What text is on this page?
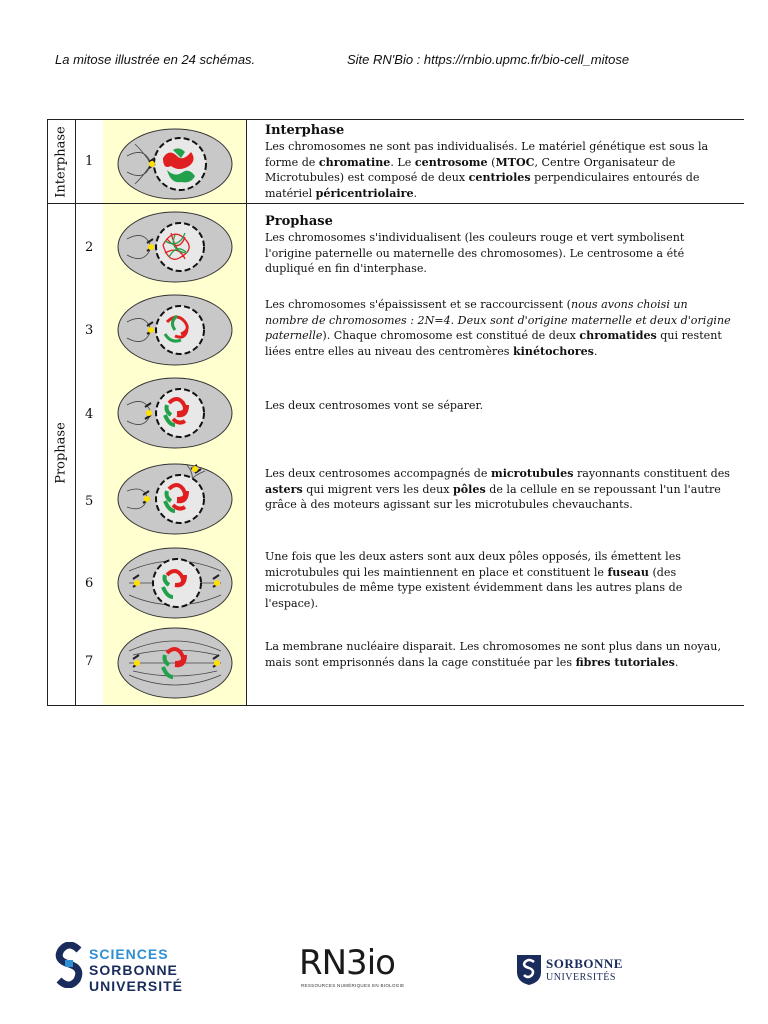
La mitose illustrée en 24 schémas.	Site RN'Bio : https://rnbio.upmc.fr/bio-cell_mitose
Interphase
Prophase
1
2
3
4
5
6
7
Interphase
Les chromosomes ne sont pas individualisés. Le matériel génétique est sous la forme de chromatine. Le centrosome (MTOC, Centre Organisateur de Microtubules) est composé de deux centrioles perpendiculaires entourés de matériel péricentriolaire.
Prophase
Les chromosomes s'individualisent (les couleurs rouge et vert symbolisent l'origine paternelle ou maternelle des chromosomes). Le centrosome a été dupliqué en fin d'interphase.
Les chromosomes s'épaississent et se raccourcissent (nous avons choisi un nombre de chromosomes : 2N=4. Deux sont d'origine maternelle et deux d'origine paternelle). Chaque chromosome est constitué de deux chromatides qui restent liées entre elles au niveau des centromères kinétochores.
Les deux centrosomes vont se séparer.
Les deux centrosomes accompagnés de microtubules rayonnants constituent des asters qui migrent vers les deux pôles de la cellule en se repoussant l'un l'autre grâce à des moteurs agissant sur les microtubules chevauchants.
Une fois que les deux asters sont aux deux pôles opposés, ils émettent les microtubules qui les maintiennent en place et constituent le fuseau (des microtubules de même type existent évidemment dans les autres plans de l'espace).
La membrane nucléaire disparait. Les chromosomes ne sont plus dans un noyau, mais sont emprisonnés dans la cage constituée par les fibres tutoriales.
SCIENCES
SORBONNE
UNIVERSITÉ
RN3io
RESSOURCES NUMÉRIQUES EN BIOLOGIE
SORBONNE
UNIVERSITÉS
